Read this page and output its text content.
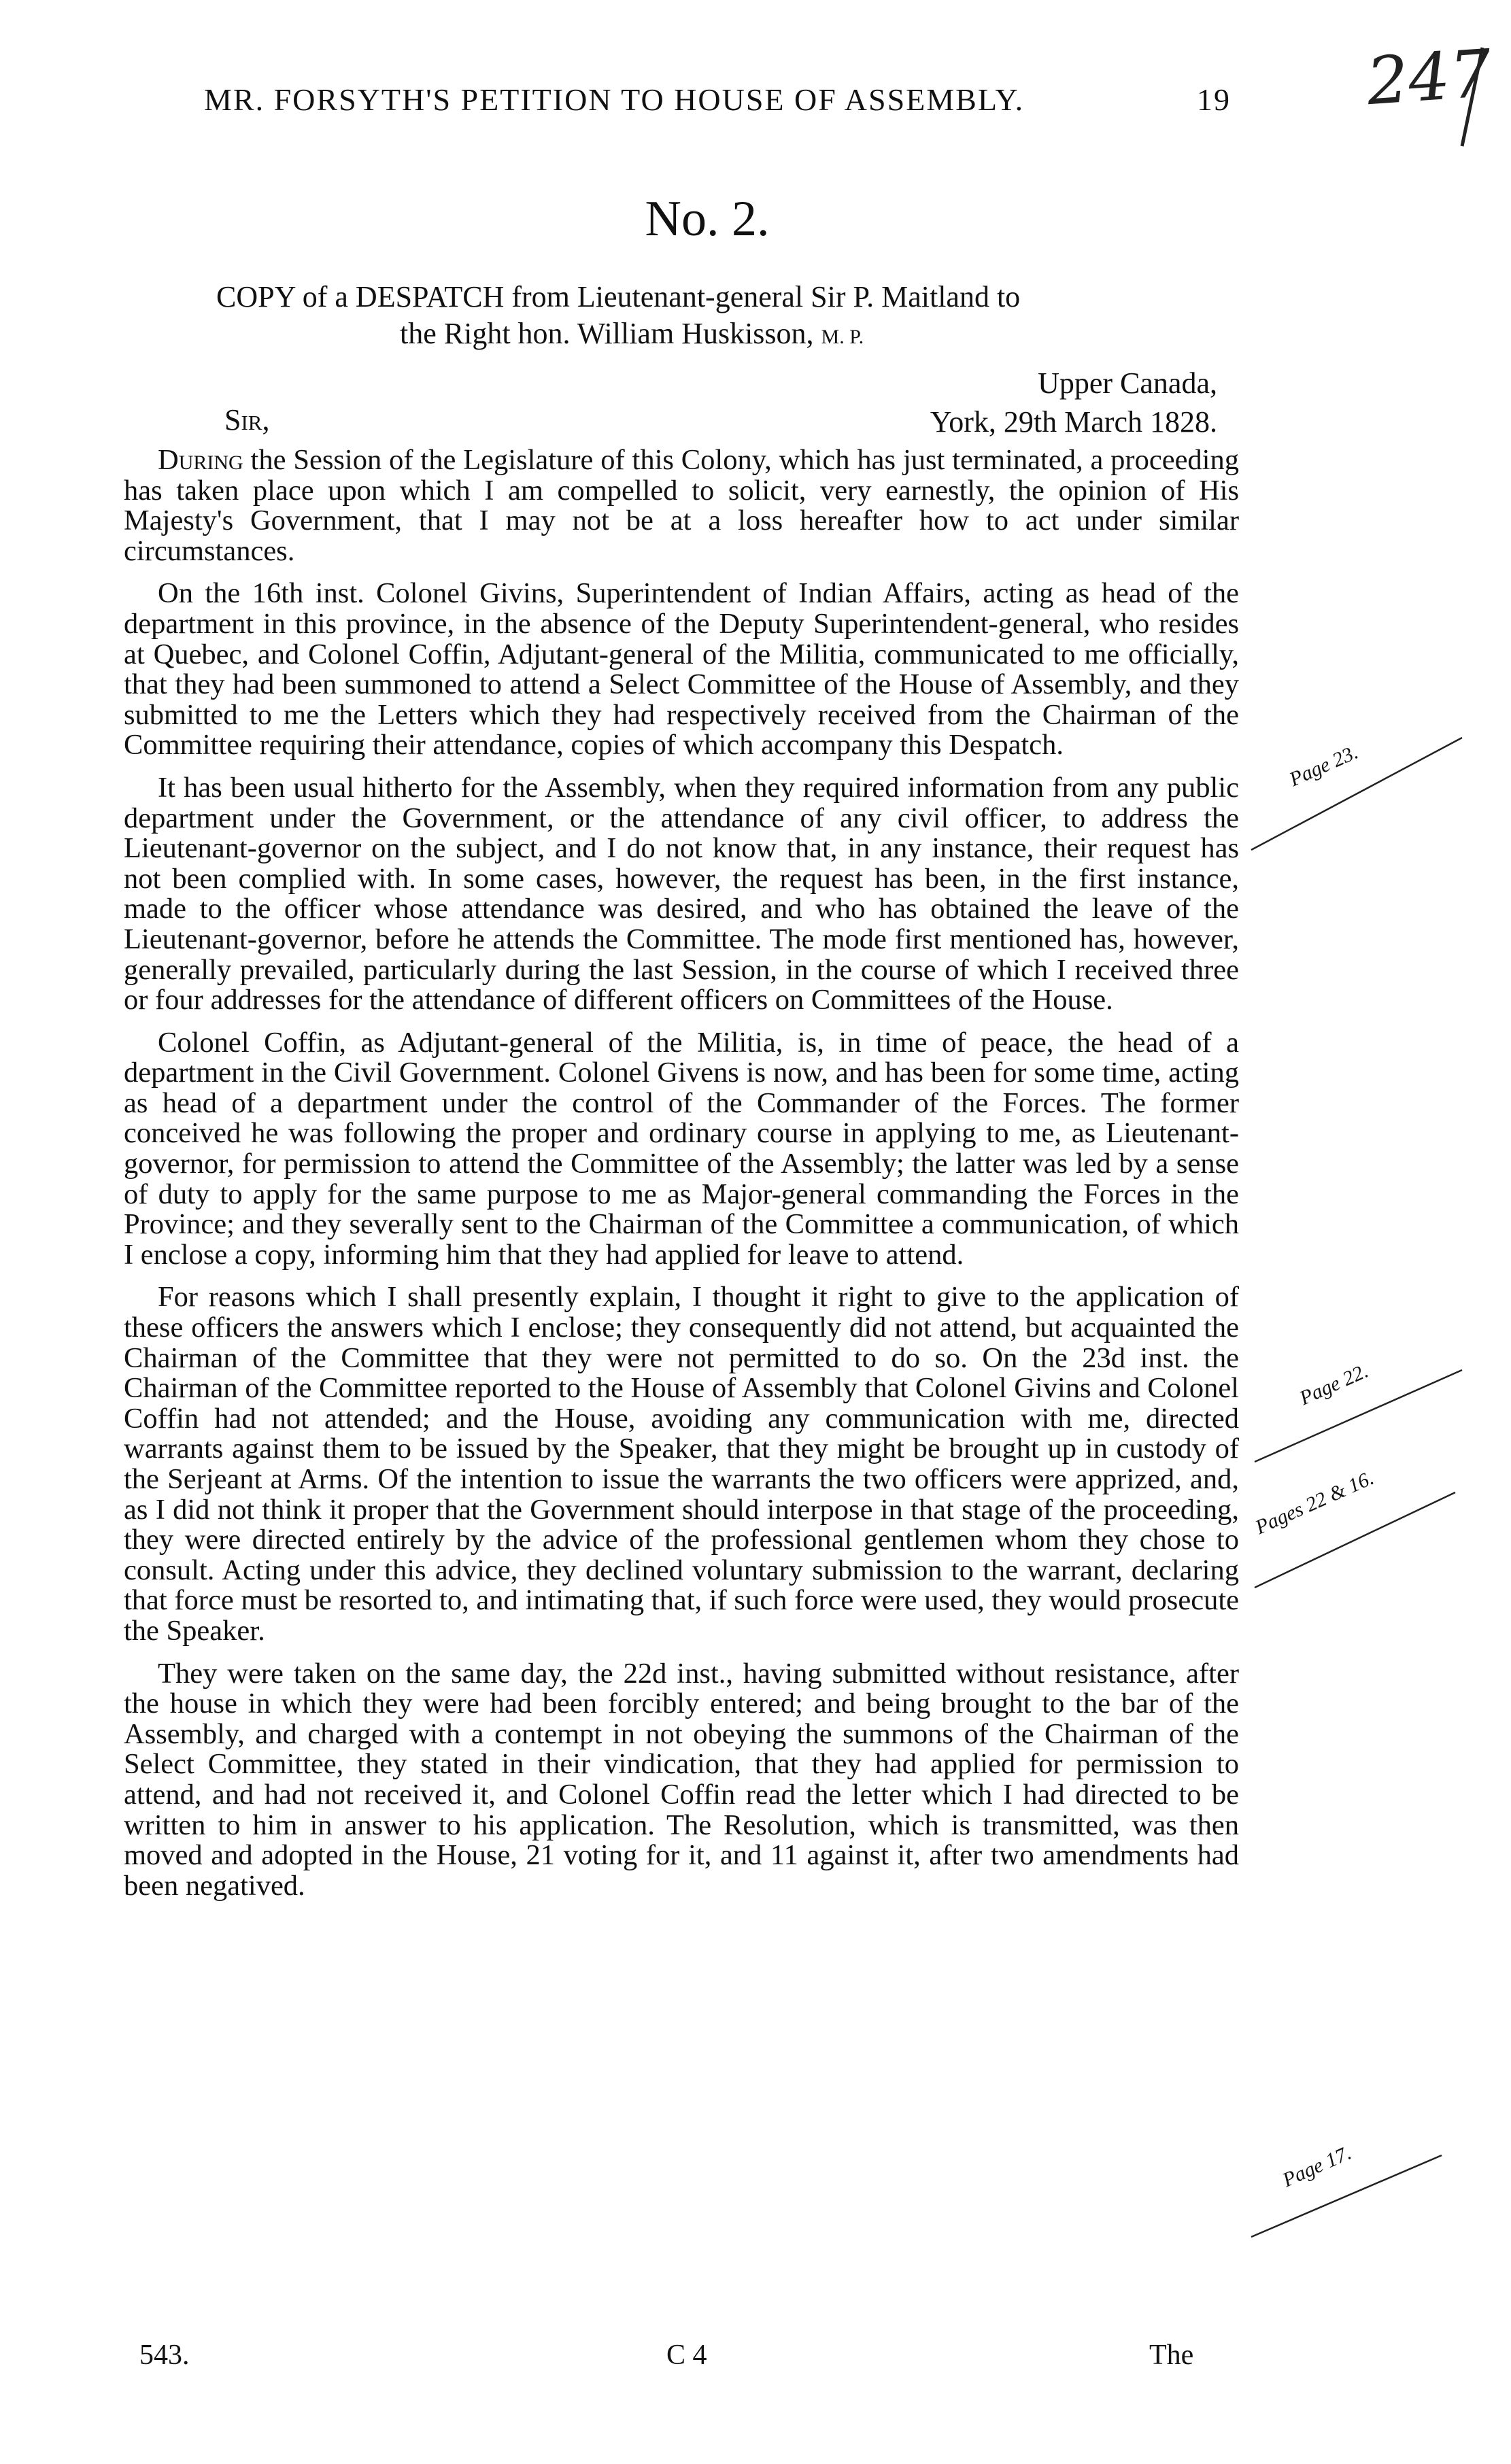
MR. FORSYTH'S PETITION TO HOUSE OF ASSEMBLY.	19 247
No. 2.
COPY of a DESPATCH from Lieutenant-general Sir P. Maitland to
the Right hon. William Huskisson, M. P.
Upper Canada,
York, 29th March 1828.
Sir,

During the Session of the Legislature of this Colony, which has just terminated, a proceeding has taken place upon which I am compelled to solicit, very earnestly, the opinion of His Majesty's Government, that I may not be at a loss hereafter how to act under similar circumstances.

On the 16th inst. Colonel Givins, Superintendent of Indian Affairs, acting as head of the department in this province, in the absence of the Deputy Superintendent-general, who resides at Quebec, and Colonel Coffin, Adjutant-general of the Militia, communicated to me officially, that they had been summoned to attend a Select Committee of the House of Assembly, and they submitted to me the Letters which they had respectively received from the Chairman of the Committee requiring their attendance, copies of which accompany this Despatch.

It has been usual hitherto for the Assembly, when they required information from any public department under the Government, or the attendance of any civil officer, to address the Lieutenant-governor on the subject, and I do not know that, in any instance, their request has not been complied with. In some cases, however, the request has been, in the first instance, made to the officer whose attendance was desired, and who has obtained the leave of the Lieutenant-governor, before he attends the Committee. The mode first mentioned has, however, generally prevailed, particularly during the last Session, in the course of which I received three or four addresses for the attendance of different officers on Committees of the House.

Colonel Coffin, as Adjutant-general of the Militia, is, in time of peace, the head of a department in the Civil Government. Colonel Givens is now, and has been for some time, acting as head of a department under the control of the Commander of the Forces. The former conceived he was following the proper and ordinary course in applying to me, as Lieutenant-governor, for permission to attend the Committee of the Assembly; the latter was led by a sense of duty to apply for the same purpose to me as Major-general commanding the Forces in the Province; and they severally sent to the Chairman of the Committee a communication, of which I enclose a copy, informing him that they had applied for leave to attend.

For reasons which I shall presently explain, I thought it right to give to the application of these officers the answers which I enclose; they consequently did not attend, but acquainted the Chairman of the Committee that they were not permitted to do so. On the 23d inst. the Chairman of the Committee reported to the House of Assembly that Colonel Givins and Colonel Coffin had not attended; and the House, avoiding any communication with me, directed warrants against them to be issued by the Speaker, that they might be brought up in custody of the Serjeant at Arms. Of the intention to issue the warrants the two officers were apprized, and, as I did not think it proper that the Government should interpose in that stage of the proceeding, they were directed entirely by the advice of the professional gentlemen whom they chose to consult. Acting under this advice, they declined voluntary submission to the warrant, declaring that force must be resorted to, and intimating that, if such force were used, they would prosecute the Speaker.

They were taken on the same day, the 22d inst., having submitted without resistance, after the house in which they were had been forcibly entered; and being brought to the bar of the Assembly, and charged with a contempt in not obeying the summons of the Chairman of the Select Committee, they stated in their vindication, that they had applied for permission to attend, and had not received it, and Colonel Coffin read the letter which I had directed to be written to him in answer to his application. The Resolution, which is transmitted, was then moved and adopted in the House, 21 voting for it, and 11 against it, after two amendments had been negatived.

Page 23.
Page 22.
Pages 22 & 16.
Page 17.
543.	C 4	The
